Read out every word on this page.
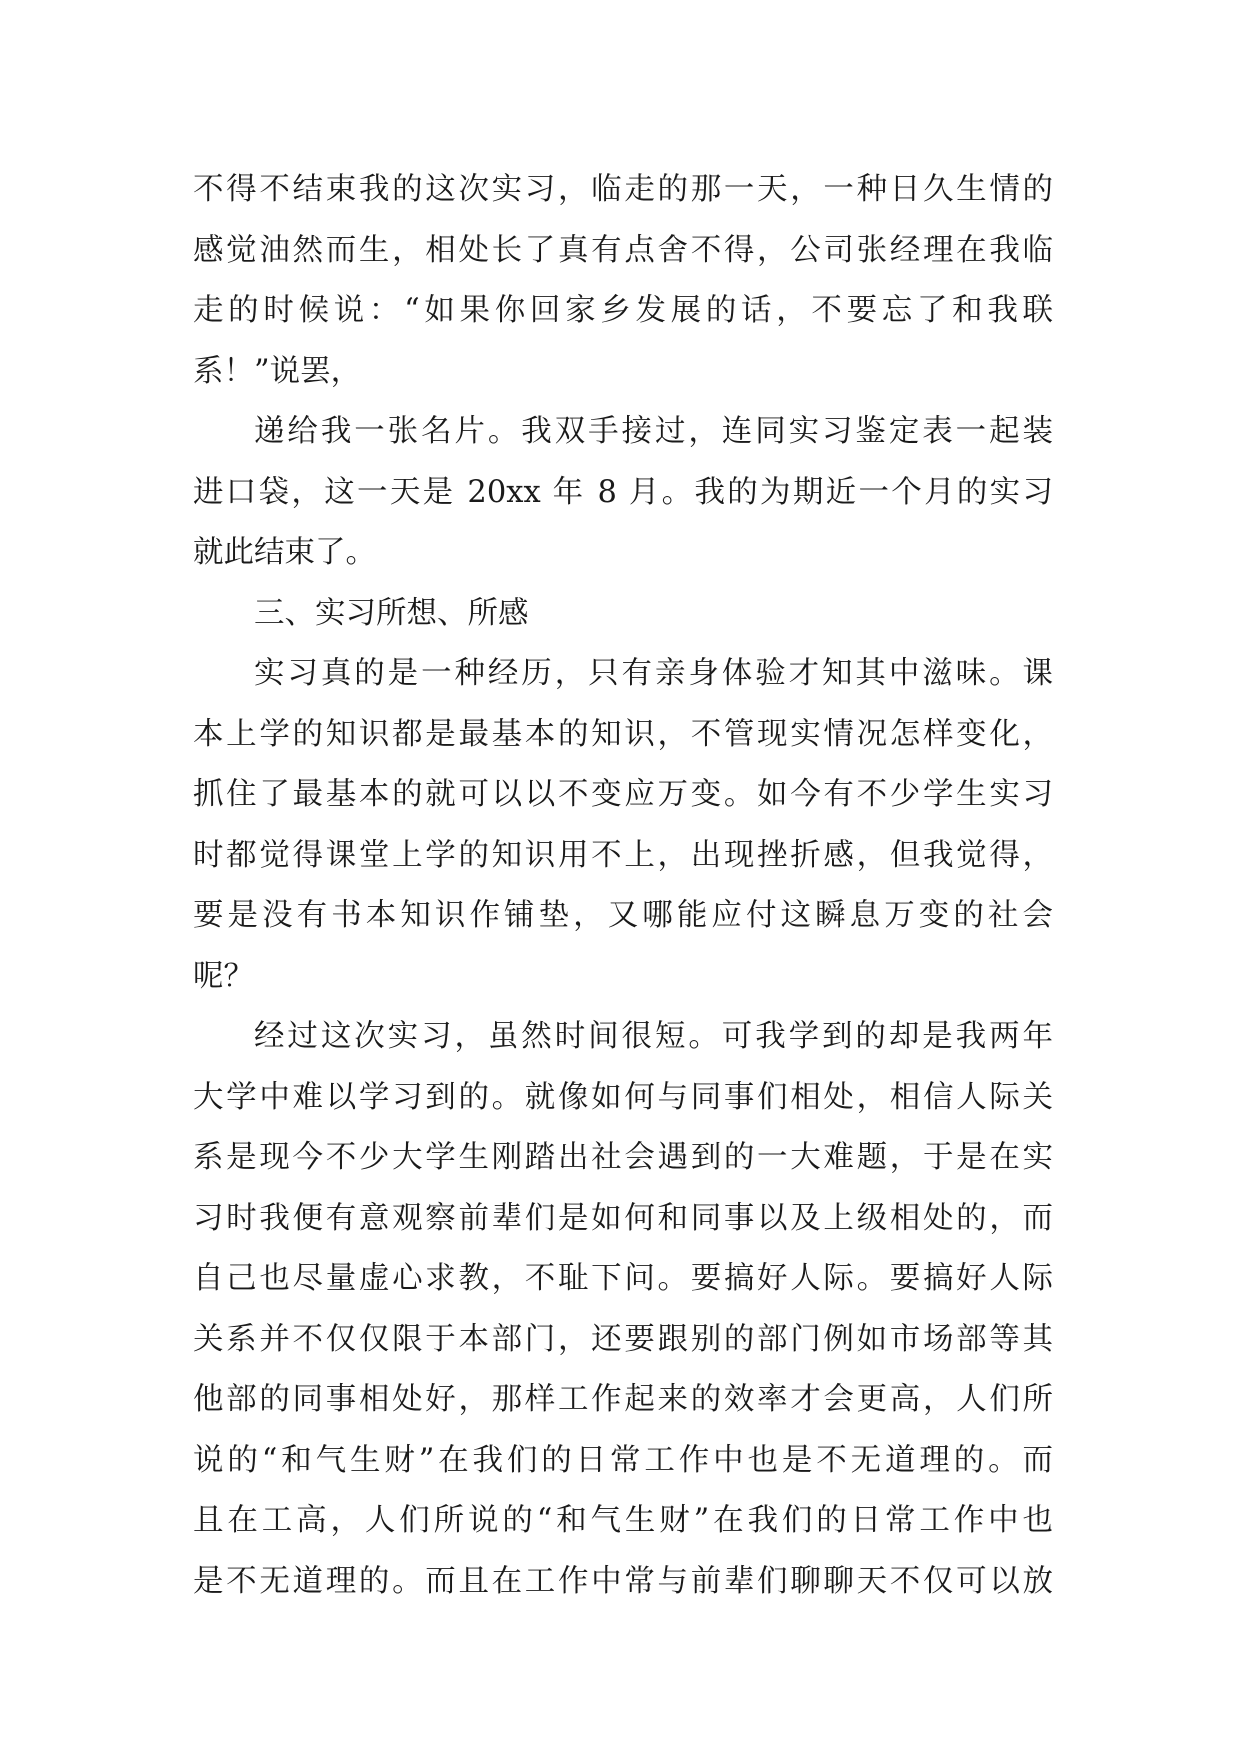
不得不结束我的这次实习，临走的那一天，一种日久生情的
感觉油然而生，相处长了真有点舍不得，公司张经理在我临
走的时候说：“如果你回家乡发展的话，不要忘了和我联
系！”说罢，
递给我一张名片。我双手接过，连同实习鉴定表一起装
进口袋，这一天是 20xx 年 8 月。我的为期近一个月的实习
就此结束了。
三、实习所想、所感
实习真的是一种经历，只有亲身体验才知其中滋味。课
本上学的知识都是最基本的知识，不管现实情况怎样变化，
抓住了最基本的就可以以不变应万变。如今有不少学生实习
时都觉得课堂上学的知识用不上，出现挫折感，但我觉得，
要是没有书本知识作铺垫，又哪能应付这瞬息万变的社会
呢？
经过这次实习，虽然时间很短。可我学到的却是我两年
大学中难以学习到的。就像如何与同事们相处，相信人际关
系是现今不少大学生刚踏出社会遇到的一大难题，于是在实
习时我便有意观察前辈们是如何和同事以及上级相处的，而
自己也尽量虚心求教，不耻下问。要搞好人际。要搞好人际
关系并不仅仅限于本部门，还要跟别的部门例如市场部等其
他部的同事相处好，那样工作起来的效率才会更高，人们所
说的“和气生财”在我们的日常工作中也是不无道理的。而
且在工高，人们所说的“和气生财”在我们的日常工作中也
是不无道理的。而且在工作中常与前辈们聊聊天不仅可以放
